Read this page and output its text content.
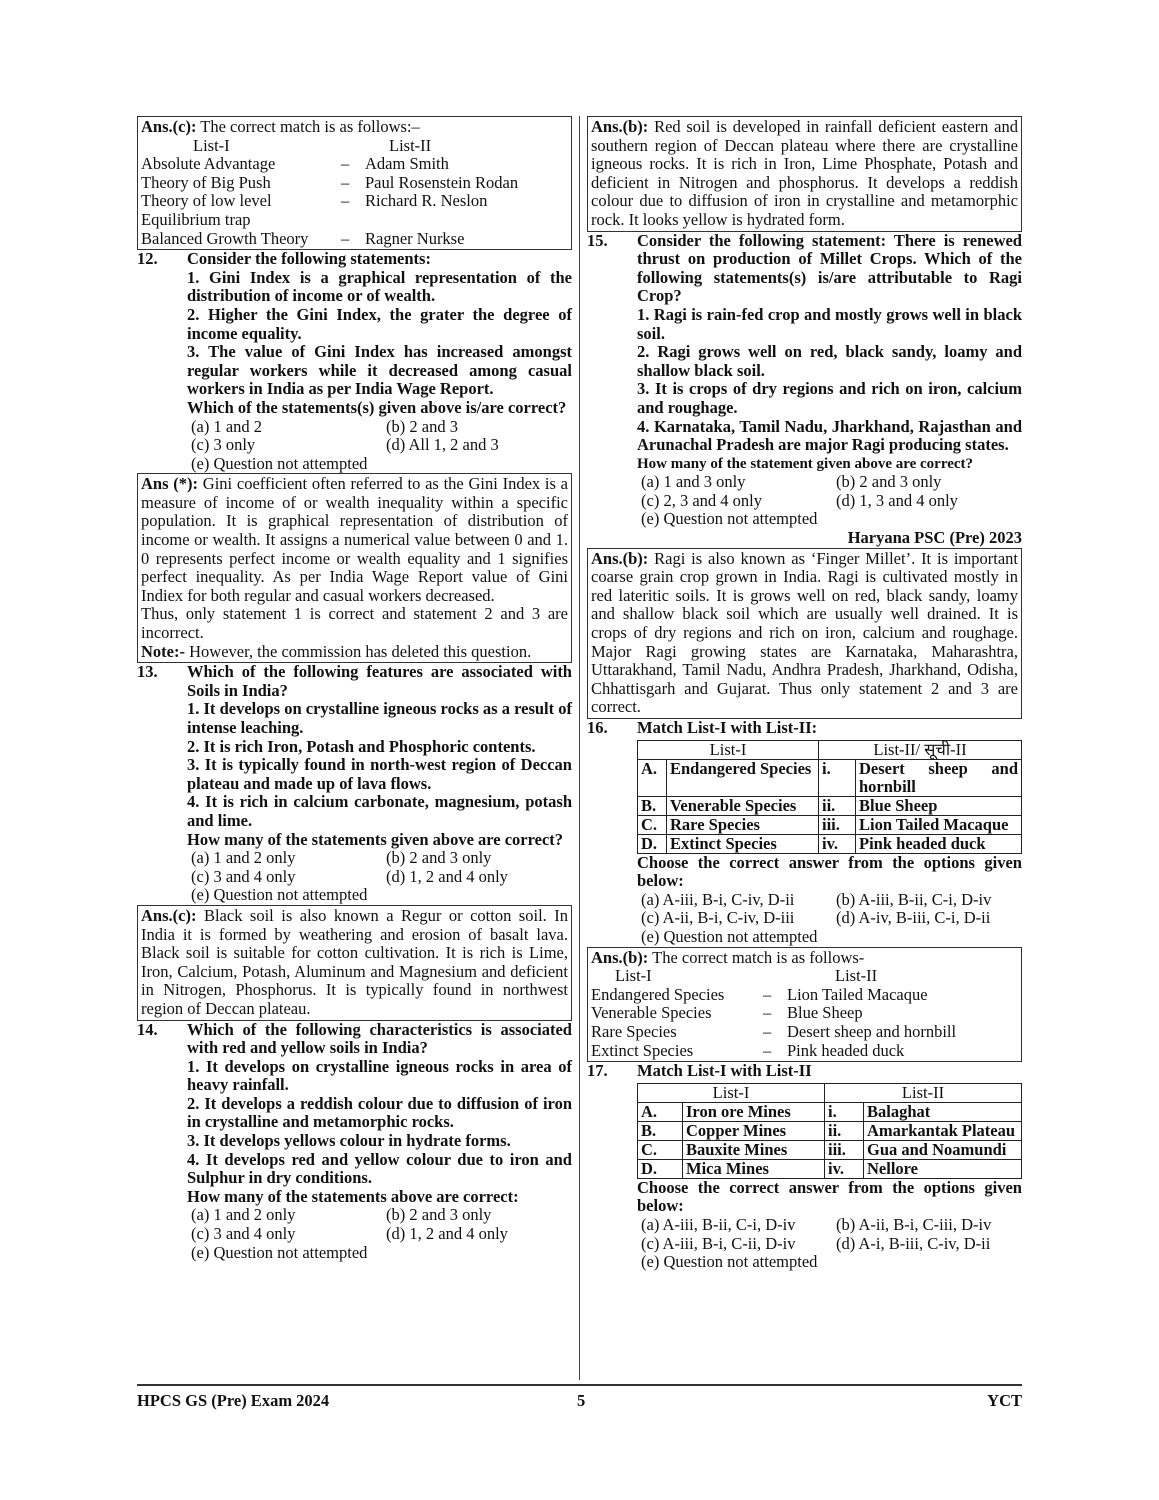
Ans.(c): The correct match is as follows:–
List-I	List-II
Absolute Advantage	– Adam Smith
Theory of Big Push	– Paul Rosenstein Rodan
Theory of low level	– Richard R. Neslon
Equilibrium trap
Balanced Growth Theory	– Ragner Nurkse
12. Consider the following statements:

1. Gini Index is a graphical representation of the distribution of income or of wealth.

2. Higher the Gini Index, the grater the degree of income equality.

3. The value of Gini Index has increased amongst regular workers while it decreased among casual workers in India as per India Wage Report.

Which of the statements(s) given above is/are correct?

(a) 1 and 2	(b) 2 and 3
(c) 3 only	(d) All 1, 2 and 3
(e) Question not attempted
Ans (*): Gini coefficient often referred to as the Gini Index is a measure of income of or wealth inequality within a specific population. It is graphical representation of distribution of income or wealth. It assigns a numerical value between 0 and 1. 0 represents perfect income or wealth equality and 1 signifies perfect inequality. As per India Wage Report value of Gini Indiex for both regular and casual workers decreased.
Thus, only statement 1 is correct and statement 2 and 3 are incorrect.
Note:- However, the commission has deleted this question.
13. Which of the following features are associated with Soils in India?

1. It develops on crystalline igneous rocks as a result of intense leaching.

2. It is rich Iron, Potash and Phosphoric contents.

3. It is typically found in north-west region of Deccan plateau and made up of lava flows.

4. It is rich in calcium carbonate, magnesium, potash and lime.

How many of the statements given above are correct?

(a) 1 and 2 only	(b) 2 and 3 only
(c) 3 and 4 only	(d) 1, 2 and 4 only
(e) Question not attempted
Ans.(c): Black soil is also known a Regur or cotton soil. In India it is formed by weathering and erosion of basalt lava. Black soil is suitable for cotton cultivation. It is rich is Lime, Iron, Calcium, Potash, Aluminum and Magnesium and deficient in Nitrogen, Phosphorus. It is typically found in northwest region of Deccan plateau.
14. Which of the following characteristics is associated with red and yellow soils in India?

1. It develops on crystalline igneous rocks in area of heavy rainfall.

2. It develops a reddish colour due to diffusion of iron in crystalline and metamorphic rocks.

3. It develops yellows colour in hydrate forms.

4. It develops red and yellow colour due to iron and Sulphur in dry conditions.

How many of the statements above are correct:

(a) 1 and 2 only	(b) 2 and 3 only
(c) 3 and 4 only	(d) 1, 2 and 4 only
(e) Question not attempted
Ans.(b): Red soil is developed in rainfall deficient eastern and southern region of Deccan plateau where there are crystalline igneous rocks. It is rich in Iron, Lime Phosphate, Potash and deficient in Nitrogen and phosphorus. It develops a reddish colour due to diffusion of iron in crystalline and metamorphic rock. It looks yellow is hydrated form.
15. Consider the following statement: There is renewed thrust on production of Millet Crops. Which of the following statements(s) is/are attributable to Ragi Crop?

1. Ragi is rain-fed crop and mostly grows well in black soil.

2. Ragi grows well on red, black sandy, loamy and shallow black soil.

3. It is crops of dry regions and rich on iron, calcium and roughage.

4. Karnataka, Tamil Nadu, Jharkhand, Rajasthan and Arunachal Pradesh are major Ragi producing states.

How many of the statement given above are correct?

(a) 1 and 3 only	(b) 2 and 3 only
(c) 2, 3 and 4 only	(d) 1, 3 and 4 only
(e) Question not attempted
Haryana PSC (Pre) 2023
Ans.(b): Ragi is also known as ‘Finger Millet’. It is important coarse grain crop grown in India. Ragi is cultivated mostly in red lateritic soils. It is grows well on red, black sandy, loamy and shallow black soil which are usually well drained. It is crops of dry regions and rich on iron, calcium and roughage. Major Ragi growing states are Karnataka, Maharashtra, Uttarakhand, Tamil Nadu, Andhra Pradesh, Jharkhand, Odisha, Chhattisgarh and Gujarat. Thus only statement 2 and 3 are correct.
16. Match List-I with List-II:

List-I		List-II/ सूची-II	
A.	Endangered Species	i.	Desert sheep and hornbill
B.	Venerable Species	ii.	Blue Sheep
C.	Rare Species	iii.	Lion Tailed Macaque
D.	Extinct Species	iv.	Pink headed duck

Choose the correct answer from the options given below:

(a) A-iii, B-i, C-iv, D-ii	(b) A-iii, B-ii, C-i, D-iv
(c) A-ii, B-i, C-iv, D-iii	(d) A-iv, B-iii, C-i, D-ii
(e) Question not attempted
Ans.(b): The correct match is as follows-
List-I	List-II
Endangered Species	– Lion Tailed Macaque
Venerable Species	– Blue Sheep
Rare Species	– Desert sheep and hornbill
Extinct Species	– Pink headed duck
17. Match List-I with List-II

List-I		List-II	
A.	Iron ore Mines	i.	Balaghat
B.	Copper Mines	ii.	Amarkantak Plateau
C.	Bauxite Mines	iii.	Gua and Noamundi
D.	Mica Mines	iv.	Nellore

Choose the correct answer from the options given below:

(a) A-iii, B-ii, C-i, D-iv	(b) A-ii, B-i, C-iii, D-iv
(c) A-iii, B-i, C-ii, D-iv	(d) A-i, B-iii, C-iv, D-ii
(e) Question not attempted
HPCS GS (Pre) Exam 2024	5	YCT
